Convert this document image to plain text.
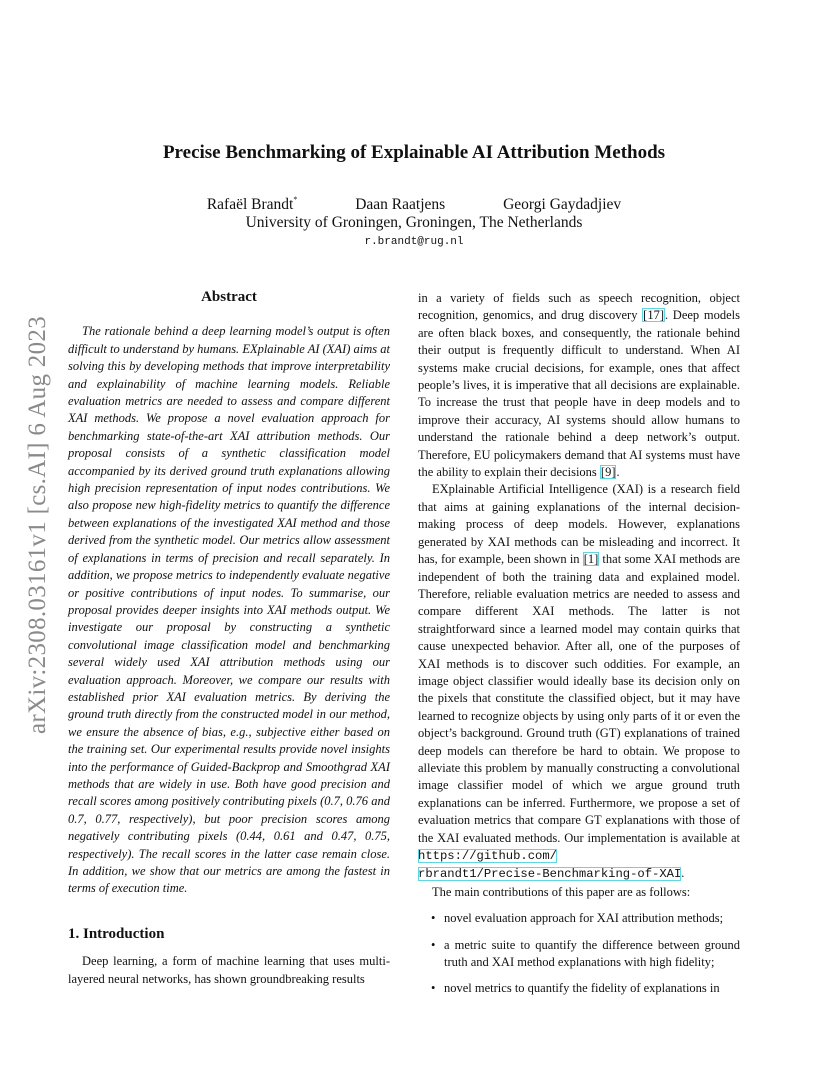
arXiv:2308.03161v1 [cs.AI] 6 Aug 2023
Precise Benchmarking of Explainable AI Attribution Methods
Rafaël Brandt*	Daan Raatjens	Georgi Gaydadjiev
University of Groningen, Groningen, The Netherlands
r.brandt@rug.nl
Abstract

The rationale behind a deep learning model’s output is often difficult to understand by humans. EXplainable AI (XAI) aims at solving this by developing methods that improve interpretability and explainability of machine learning models. Reliable evaluation metrics are needed to assess and compare different XAI methods. We propose a novel evaluation approach for benchmarking state-of-the-art XAI attribution methods. Our proposal consists of a synthetic classification model accompanied by its derived ground truth explanations allowing high precision representation of input nodes contributions. We also propose new high-fidelity metrics to quantify the difference between explanations of the investigated XAI method and those derived from the synthetic model. Our metrics allow assessment of explanations in terms of precision and recall separately. In addition, we propose metrics to independently evaluate negative or positive contributions of input nodes. To summarise, our proposal provides deeper insights into XAI methods output. We investigate our proposal by constructing a synthetic convolutional image classification model and benchmarking several widely used XAI attribution methods using our evaluation approach. Moreover, we compare our results with established prior XAI evaluation metrics. By deriving the ground truth directly from the constructed model in our method, we ensure the absence of bias, e.g., subjective either based on the training set. Our experimental results provide novel insights into the performance of Guided-Backprop and Smoothgrad XAI methods that are widely in use. Both have good precision and recall scores among positively contributing pixels (0.7, 0.76 and 0.7, 0.77, respectively), but poor precision scores among negatively contributing pixels (0.44, 0.61 and 0.47, 0.75, respectively). The recall scores in the latter case remain close. In addition, we show that our metrics are among the fastest in terms of execution time.

1. Introduction

Deep learning, a form of machine learning that uses multi-layered neural networks, has shown groundbreaking results

in a variety of fields such as speech recognition, object recognition, genomics, and drug discovery [17]. Deep models are often black boxes, and consequently, the rationale behind their output is frequently difficult to understand. When AI systems make crucial decisions, for example, ones that affect people’s lives, it is imperative that all decisions are explainable. To increase the trust that people have in deep models and to improve their accuracy, AI systems should allow humans to understand the rationale behind a deep network’s output. Therefore, EU policymakers demand that AI systems must have the ability to explain their decisions [9].

EXplainable Artificial Intelligence (XAI) is a research field that aims at gaining explanations of the internal decision-making process of deep models. However, explanations generated by XAI methods can be misleading and incorrect. It has, for example, been shown in [1] that some XAI methods are independent of both the training data and explained model. Therefore, reliable evaluation metrics are needed to assess and compare different XAI methods. The latter is not straightforward since a learned model may contain quirks that cause unexpected behavior. After all, one of the purposes of XAI methods is to discover such oddities. For example, an image object classifier would ideally base its decision only on the pixels that constitute the classified object, but it may have learned to recognize objects by using only parts of it or even the object’s background. Ground truth (GT) explanations of trained deep models can therefore be hard to obtain. We propose to alleviate this problem by manually constructing a convolutional image classifier model of which we argue ground truth explanations can be inferred. Furthermore, we propose a set of evaluation metrics that compare GT explanations with those of the XAI evaluated methods. Our implementation is available at https://github.com/
rbrandt1/Precise-Benchmarking-of-XAI.

The main contributions of this paper are as follows:

• novel evaluation approach for XAI attribution methods;
• a metric suite to quantify the difference between ground truth and XAI method explanations with high fidelity;
• novel metrics to quantify the fidelity of explanations in
